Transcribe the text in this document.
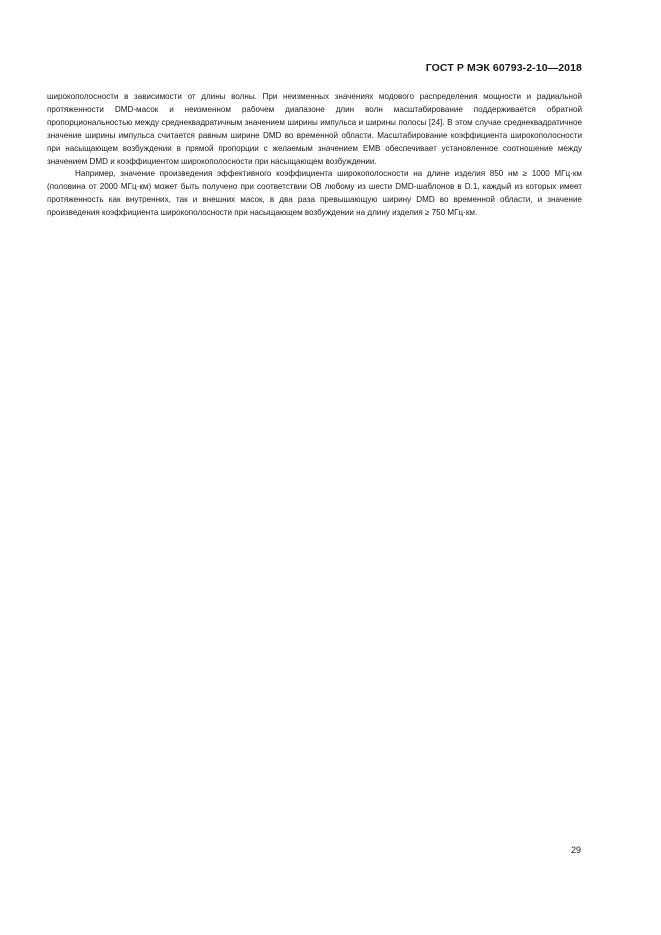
ГОСТ Р МЭК 60793-2-10—2018

широкополосности в зависимости от длины волны. При неизменных значениях модового распределения мощности и радиальной протяженности DMD-масок и неизменном рабочем диапазоне длин волн масштабирование поддерживается обратной пропорциональностью между среднеквадратичным значением ширины импульса и ширины полосы [24]. В этом случае среднеквадратичное значение ширины импульса считается равным ширине DMD во временной области. Масштабирование коэффициента широкополосности при насыщающем возбуждении в прямой пропорции с желаемым значением EMB обеспечивает установленное соотношение между значением DMD и коэффициентом широкополосности при насыщающем возбуждении.

Например, значение произведения эффективного коэффициента широкополосности на длине изделия 850 нм ≥ 1000 МГц·км (половина от 2000 МГц·км) может быть получено при соответствии ОВ любому из шести DMD-шаблонов в D.1, каждый из которых имеет протяженность как внутренних, так и внешних масок, в два раза превышающую ширину DMD во временной области, и значение произведения коэффициента широкополосности при насыщающем возбуждении на длину изделия ≥ 750 МГц·км.

29
